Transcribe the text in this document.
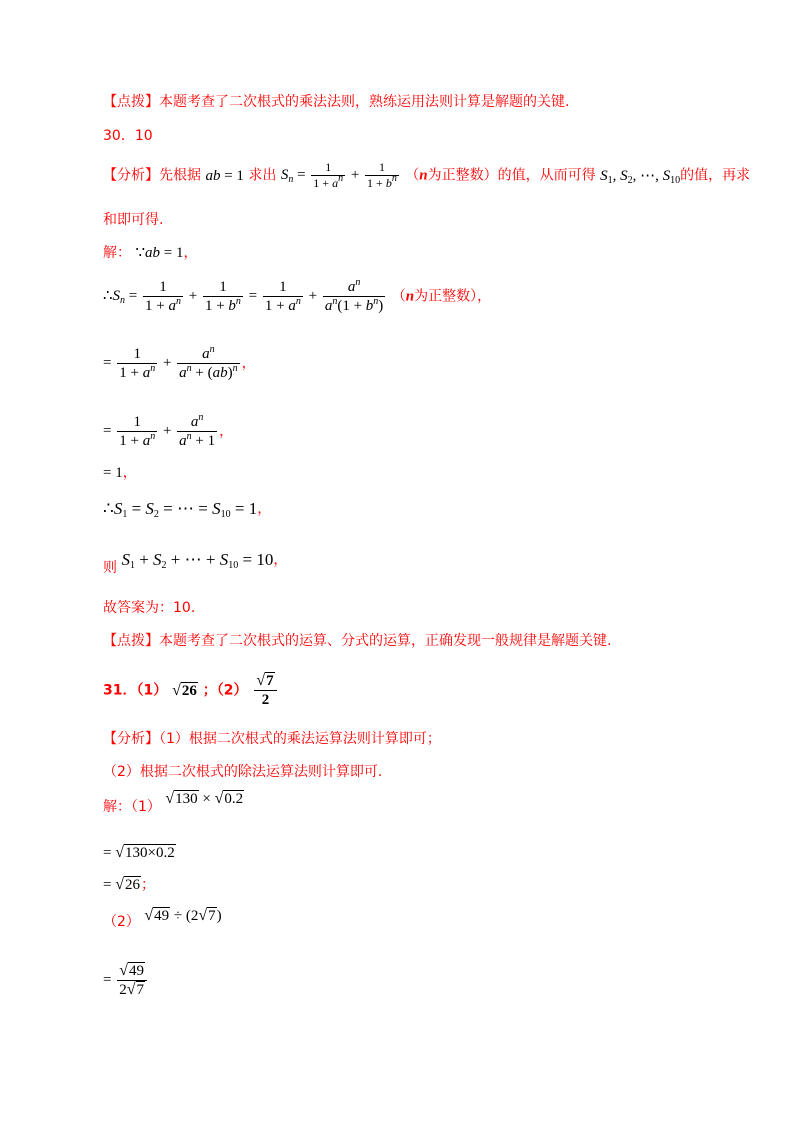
【点拨】本题考查了二次根式的乘法法则，熟练运用法则计算是解题的关键.
30．10
【分析】先根据 ab = 1 求出 $S_n = \frac{1}{1 + a^n} + \frac{1}{1 + b^n} (n$为正整数）的值，从而可得 $S_1$, $S_2$, ⋯, $S_{10}$的值，再求
和即可得.
解： ∵ab = 1，
$\therefore S_n = \frac{1}{1 + a^n} + \frac{1}{1 + b^n} = \frac{1}{1 + a^n} + \frac{a^n}{a^n(1 + b^n)} (n$为正整数），
= $\frac{1}{1 + a^n} + \frac{a^n}{a^n + (ab)^n}$ ，
= $\frac{1}{1 + a^n} + \frac{a^n}{a^n + 1}$ ，
= 1，
$\therefore S_1 = S_2$ = ⋯ = $S_{10} = 1$，
则 $S_1 + S_2$ + ⋯ + $S_{10} = 10$，
故答案为：10.
【点拨】本题考查了二次根式的运算、分式的运算，正确发现一般规律是解题关键.
31．（1） √26 ；$(2) \frac{√7}{2}$
【分析】（1）根据二次根式的乘法运算法则计算即可；
（2）根据二次根式的除法运算法则计算即可.
解：（1） √130 × √0.2
= √130×0.2
= √26；
（2） √49 ÷ (2√7)
= $\frac{√49}{2√7}$
